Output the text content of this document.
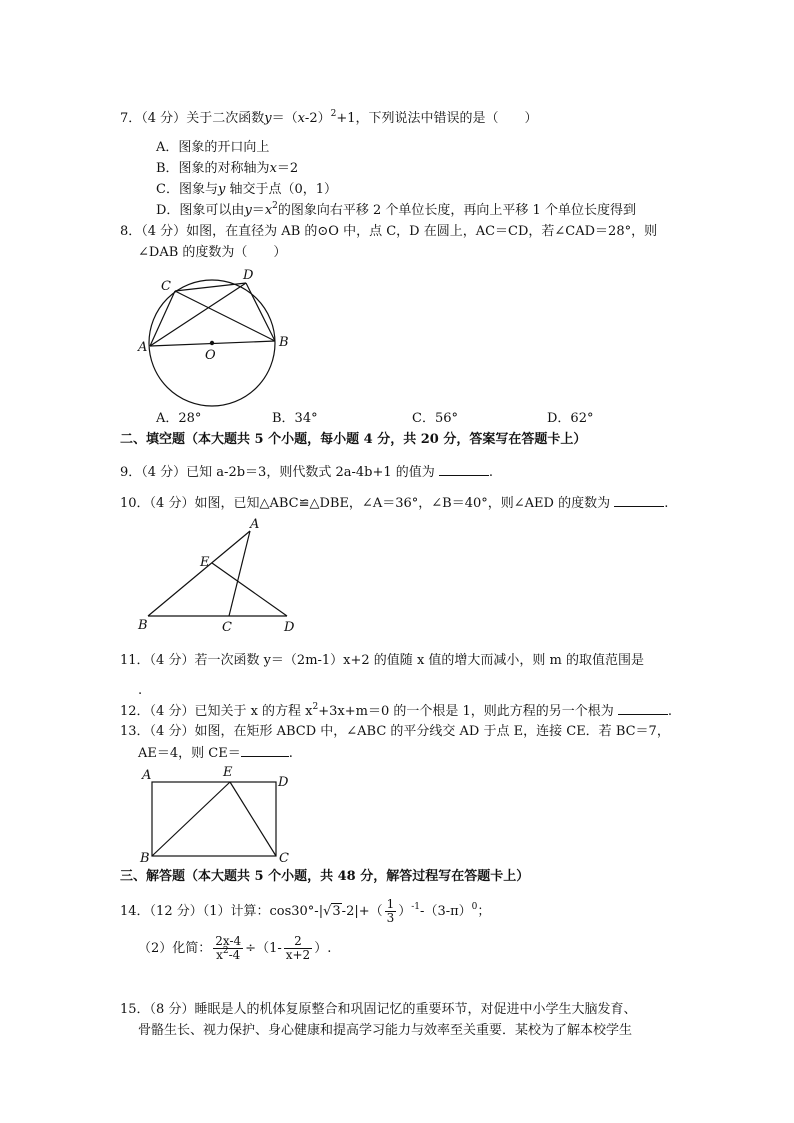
7．（4 分）关于二次函数$y=(x-2)^2+1$，下列说法中错误的是（　　）
A．图象的开口向上
B．图象的对称轴为x＝2
C．图象与y 轴交于点（0，1）
D．图象可以由$y=x^2$的图象向右平移 2 个单位长度，再向上平移 1 个单位长度得到
8．（4 分）如图，在直径为 AB 的⊙O 中，点 C，D 在圆上，AC＝CD，若∠CAD＝28°，则
∠DAB 的度数为（　　）
A	B
C
D
O
A．28°	B．34°	C．56°	D．62°
二、填空题（本大题共 5 个小题，每小题 4 分，共 20 分，答案写在答题卡上）
9．（4 分）已知 a-2b＝3，则代数式 2a-4b+1 的值为	.
10．（4 分）如图，已知△ABC≌△DBE，∠A＝36°，∠B＝40°，则∠AED 的度数为	.
A
E
B	C	D
11．（4 分）若一次函数 y＝（2m-1）x+2 的值随 x 值的增大而减小，则 m 的取值范围是
.
12．（4 分）已知关于 x 的方程 $x^2+3x+m=0$ 的一个根是 1，则此方程的另一个根为	.
13．（4 分）如图，在矩形 ABCD 中，∠ABC 的平分线交 AD 于点 E，连接 CE．若 BC＝7，
AE＝4，则 CE＝	.
A	E
D
B	C
三、解答题（本大题共 5 个小题，共 48 分，解答过程写在答题卡上）
14．（12 分）（1）计算：$\cos 30^\circ-|√3-2|+( \frac{1}{3} )^{-1}-(3-\pi)^0$；
（2）化简： $\frac{2x-4}{x^2-4} \div(1- \frac{2}{x+2}$ ）.
15．（8 分）睡眠是人的机体复原整合和巩固记忆的重要环节，对促进中小学生大脑发育、
骨骼生长、视力保护、身心健康和提高学习能力与效率至关重要．某校为了解本校学生
